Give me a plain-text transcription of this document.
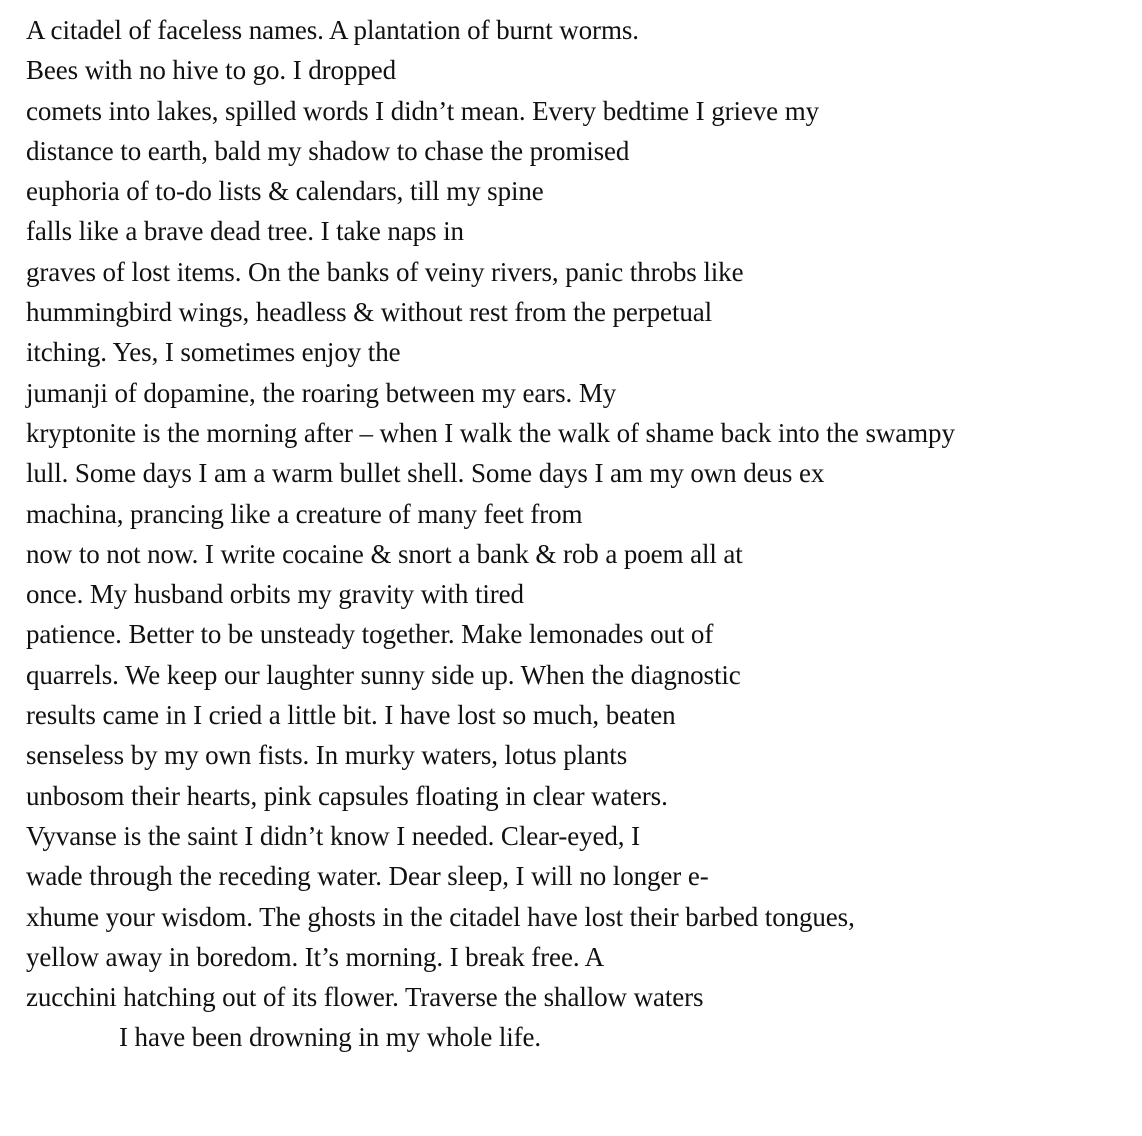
A citadel of faceless names. A plantation of burnt worms.
Bees with no hive to go. I dropped
comets into lakes, spilled words I didn’t mean. Every bedtime I grieve my
distance to earth, bald my shadow to chase the promised
euphoria of to-do lists & calendars, till my spine
falls like a brave dead tree. I take naps in
graves of lost items. On the banks of veiny rivers, panic throbs like
hummingbird wings, headless & without rest from the perpetual
itching. Yes, I sometimes enjoy the
jumanji of dopamine, the roaring between my ears. My
kryptonite is the morning after – when I walk the walk of shame back into the swampy
lull. Some days I am a warm bullet shell. Some days I am my own deus ex
machina, prancing like a creature of many feet from
now to not now. I write cocaine & snort a bank & rob a poem all at
once. My husband orbits my gravity with tired
patience. Better to be unsteady together. Make lemonades out of
quarrels. We keep our laughter sunny side up. When the diagnostic
results came in I cried a little bit. I have lost so much, beaten
senseless by my own fists. In murky waters, lotus plants
unbosom their hearts, pink capsules floating in clear waters.
Vyvanse is the saint I didn’t know I needed. Clear-eyed, I
wade through the receding water. Dear sleep, I will no longer e-
xhume your wisdom. The ghosts in the citadel have lost their barbed tongues,
yellow away in boredom. It’s morning. I break free. A
zucchini hatching out of its flower. Traverse the shallow waters
I have been drowning in my whole life.
